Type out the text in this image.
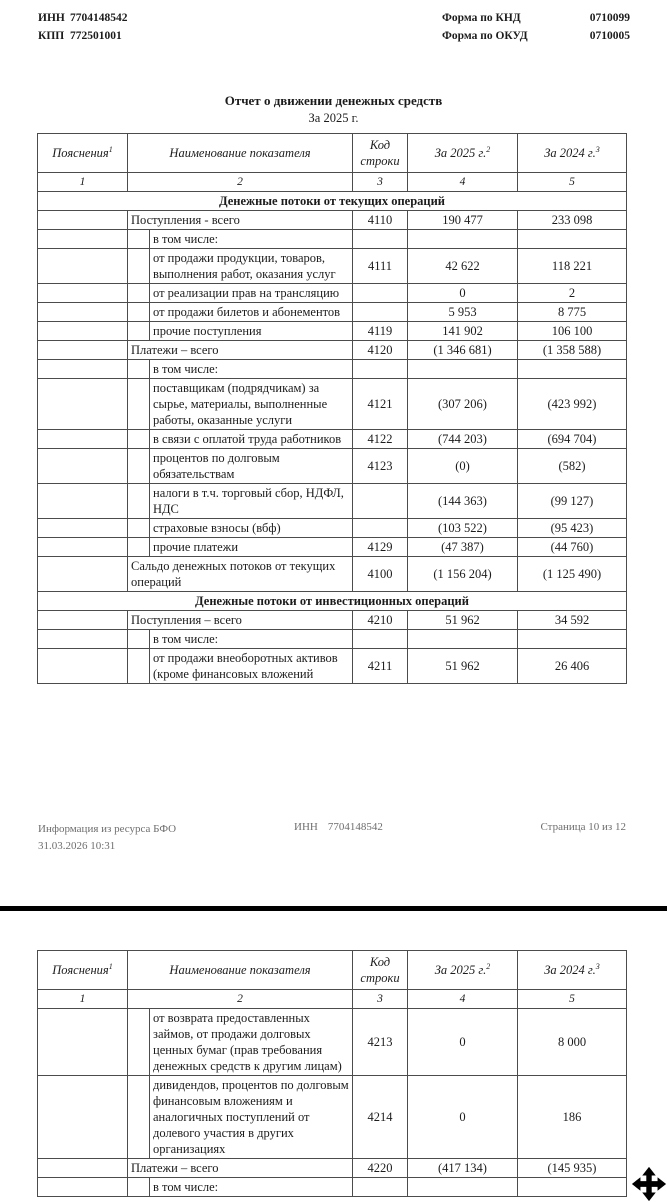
ИНН 7704148542
КПП 772501001
Форма по КНД	0710099
Форма по ОКУД	0710005
Отчет о движении денежных средств
За 2025 г.
Пояснения$^1$	Наименование показателя		Код строки	За 2025 г.$^2$	За 2024 г.$^3$
1	2		3	4	5
Денежные потоки от текущих операций					
	Поступления - всего		4110	190 477	233 098
		в том числе:			
		от продажи продукции, товаров, выполнения работ, оказания услуг	4111	42 622	118 221
		от реализации прав на трансляцию		0	2
		от продажи билетов и абонементов		5 953	8 775
		прочие поступления	4119	141 902	106 100
	Платежи – всего		4120	(1 346 681)	(1 358 588)
		в том числе:			
		поставщикам (подрядчикам) за сырье, материалы, выполненные работы, оказанные услуги	4121	(307 206)	(423 992)
		в связи с оплатой труда работников	4122	(744 203)	(694 704)
		процентов по долговым обязательствам	4123	(0)	(582)
		налоги в т.ч. торговый сбор, НДФЛ, НДС		(144 363)	(99 127)
		страховые взносы (вбф)		(103 522)	(95 423)
		прочие платежи	4129	(47 387)	(44 760)
	Сальдо денежных потоков от текущих операций		4100	(1 156 204)	(1 125 490)
Денежные потоки от инвестиционных операций					
	Поступления – всего		4210	51 962	34 592
		в том числе:			
		от продажи внеоборотных активов (кроме финансовых вложений	4211	51 962	26 406
Информация из ресурса БФО
31.03.2026 10:31
ИНН 7704148542	Страница 10 из 12
Пояснения$^1$	Наименование показателя		Код строки	За 2025 г.$^2$	За 2024 г.$^3$
1	2		3	4	5
		от возврата предоставленных займов, от продажи долговых ценных бумаг (прав требования денежных средств к другим лицам)	4213	0	8 000
		дивидендов, процентов по долговым финансовым вложениям и аналогичных поступлений от долевого участия в других организациях	4214	0	186
	Платежи – всего		4220	(417 134)	(145 935)
		в том числе:			
